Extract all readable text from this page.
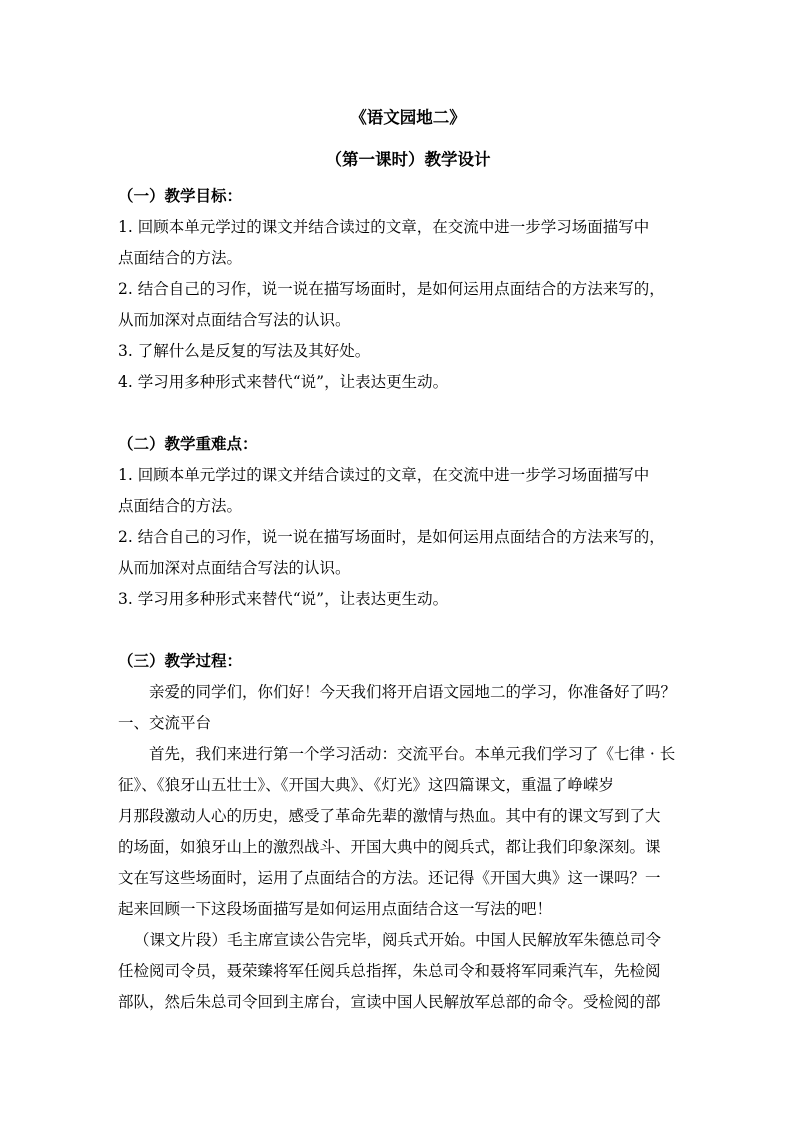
《语文园地二》

（第一课时）教学设计

（一）教学目标：

1. 回顾本单元学过的课文并结合读过的文章，在交流中进一步学习场面描写中

点面结合的方法。

2. 结合自己的习作，说一说在描写场面时，是如何运用点面结合的方法来写的，

从而加深对点面结合写法的认识。

3. 了解什么是反复的写法及其好处。

4. 学习用多种形式来替代“说”，让表达更生动。

（二）教学重难点：

1. 回顾本单元学过的课文并结合读过的文章，在交流中进一步学习场面描写中

点面结合的方法。

2. 结合自己的习作，说一说在描写场面时，是如何运用点面结合的方法来写的，

从而加深对点面结合写法的认识。

3. 学习用多种形式来替代“说”，让表达更生动。

（三）教学过程：

亲爱的同学们，你们好！今天我们将开启语文园地二的学习，你准备好了吗？

一、交流平台

首先，我们来进行第一个学习活动：交流平台。本单元我们学习了《七律 · 长

征》、《狼牙山五壮士》、《开国大典》、《灯光》这四篇课文，重温了峥嵘岁

月那段激动人心的历史，感受了革命先辈的激情与热血。其中有的课文写到了大

的场面，如狼牙山上的激烈战斗、开国大典中的阅兵式，都让我们印象深刻。课

文在写这些场面时，运用了点面结合的方法。还记得《开国大典》这一课吗？一

起来回顾一下这段场面描写是如何运用点面结合这一写法的吧！

（课文片段）毛主席宣读公告完毕，阅兵式开始。中国人民解放军朱德总司令

任检阅司令员，聂荣臻将军任阅兵总指挥，朱总司令和聂将军同乘汽车，先检阅

部队，然后朱总司令回到主席台，宣读中国人民解放军总部的命令。受检阅的部
